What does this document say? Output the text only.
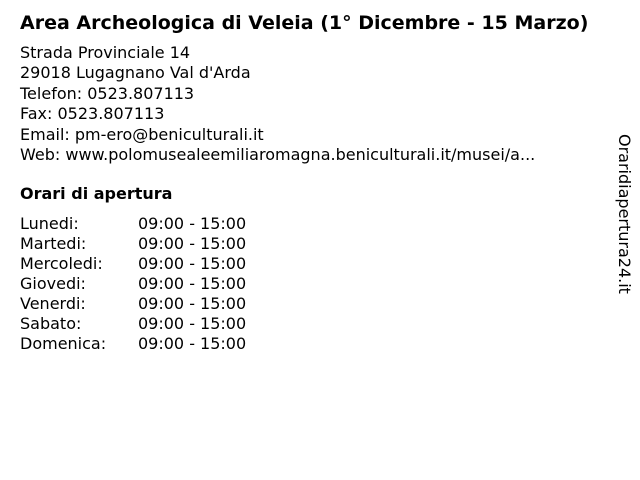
Area Archeologica di Veleia (1° Dicembre - 15 Marzo)
Strada Provinciale 14
29018 Lugagnano Val d'Arda
Telefon: 0523.807113
Fax: 0523.807113
Email: pm-ero@beniculturali.it
Web: www.polomusealeemiliaromagna.beniculturali.it/musei/a...
Orari di apertura
Lunedi:	09:00 - 15:00
Martedi:	09:00 - 15:00
Mercoledi: 09:00 - 15:00
Giovedi:	09:00 - 15:00
Venerdi:	09:00 - 15:00
Sabato:	09:00 - 15:00
Domenica: 09:00 - 15:00
Oraridiapertura24.it
